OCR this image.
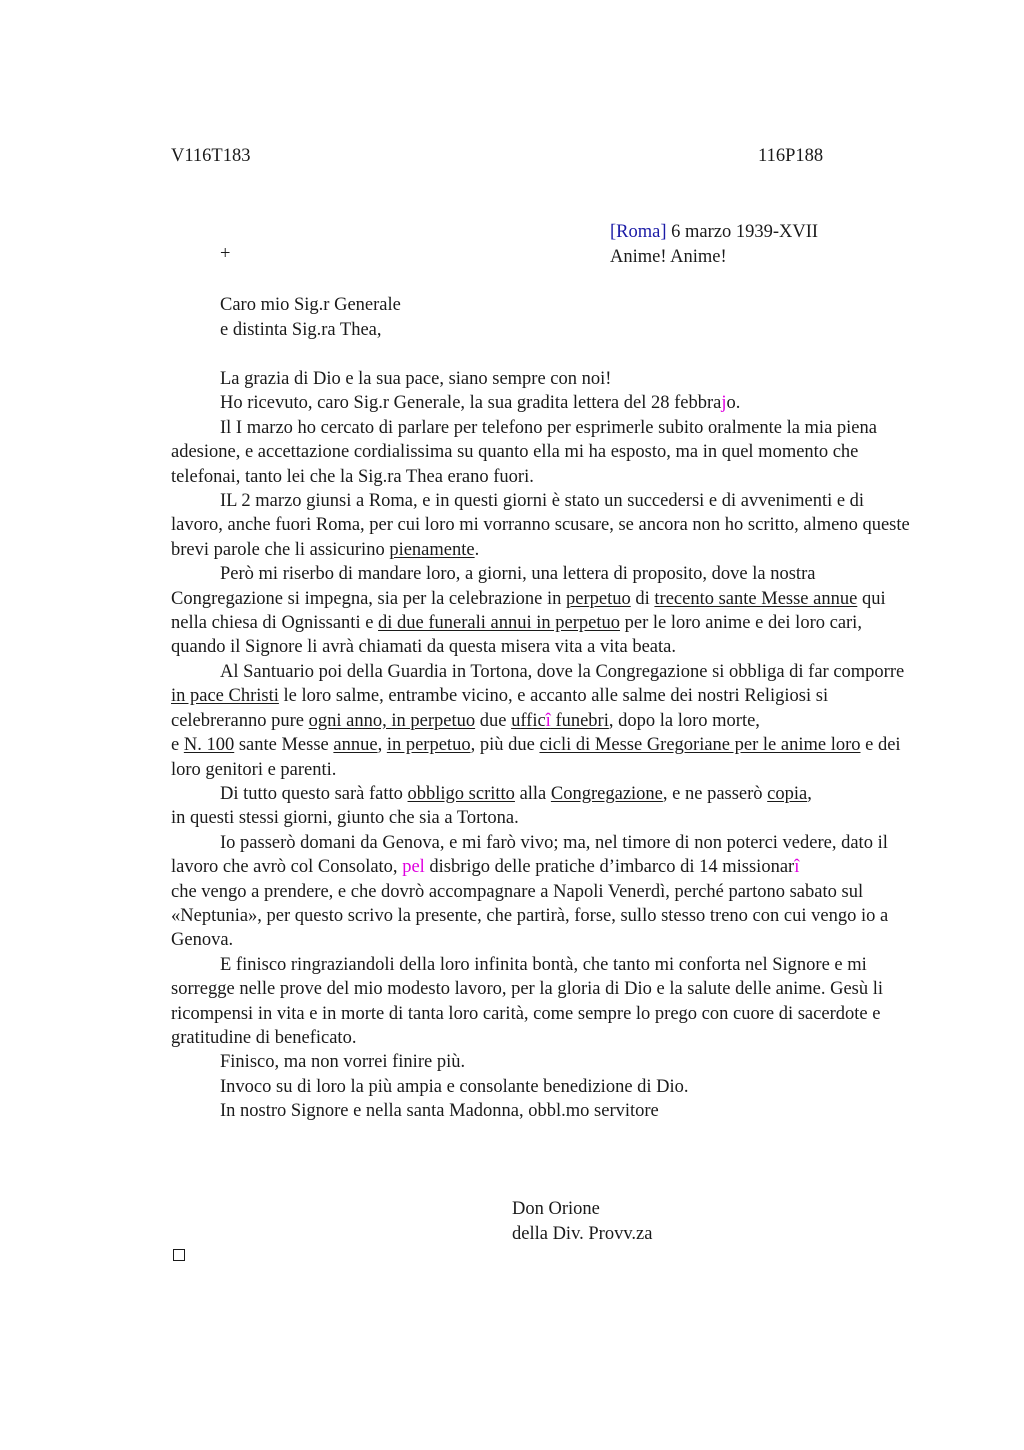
V116T183	116P188
[Roma] 6 marzo 1939-XVII
Anime! Anime!
+
Caro mio Sig.r Generale
e distinta Sig.ra Thea,

La grazia di Dio e la sua pace, siano sempre con noi!

Ho ricevuto, caro Sig.r Generale, la sua gradita lettera del 28 febbrajo.

Il I marzo ho cercato di parlare per telefono per esprimerle subito oralmente la mia piena adesione, e accettazione cordialissima su quanto ella mi ha esposto, ma in quel momento che telefonai, tanto lei che la Sig.ra Thea erano fuori.

IL 2 marzo giunsi a Roma, e in questi giorni è stato un succedersi e di avvenimenti e di lavoro, anche fuori Roma, per cui loro mi vorranno scusare, se ancora non ho scritto, almeno queste brevi parole che li assicurino pienamente.

Però mi riserbo di mandare loro, a giorni, una lettera di proposito, dove la nostra Congregazione si impegna, sia per la celebrazione in perpetuo di trecento sante Messe annue qui nella chiesa di Ognissanti e di due funerali annui in perpetuo per le loro anime e dei loro cari, quando il Signore li avrà chiamati da questa misera vita a vita beata.

Al Santuario poi della Guardia in Tortona, dove la Congregazione si obbliga di far comporre in pace Christi le loro salme, entrambe vicino, e accanto alle salme dei nostri Religiosi si celebreranno pure ogni anno, in perpetuo due ufficî funebri, dopo la loro morte,

e N. 100 sante Messe annue, in perpetuo, più due cicli di Messe Gregoriane per le anime loro e dei loro genitori e parenti.

Di tutto questo sarà fatto obbligo scritto alla Congregazione, e ne passerò copia,

in questi stessi giorni, giunto che sia a Tortona.

Io passerò domani da Genova, e mi farò vivo; ma, nel timore di non poterci vedere, dato il lavoro che avrò col Consolato, pel disbrigo delle pratiche d’imbarco di 14 missionarî

che vengo a prendere, e che dovrò accompagnare a Napoli Venerdì, perché partono sabato sul «Neptunia», per questo scrivo la presente, che partirà, forse, sullo stesso treno con cui vengo io a Genova.

E finisco ringraziandoli della loro infinita bontà, che tanto mi conforta nel Signore e mi sorregge nelle prove del mio modesto lavoro, per la gloria di Dio e la salute delle anime. Gesù li ricompensi in vita e in morte di tanta loro carità, come sempre lo prego con cuore di sacerdote e gratitudine di beneficato.

Finisco, ma non vorrei finire più.

Invoco su di loro la più ampia e consolante benedizione di Dio.

In nostro Signore e nella santa Madonna, obbl.mo servitore

Don Orione
della Div. Provv.za
